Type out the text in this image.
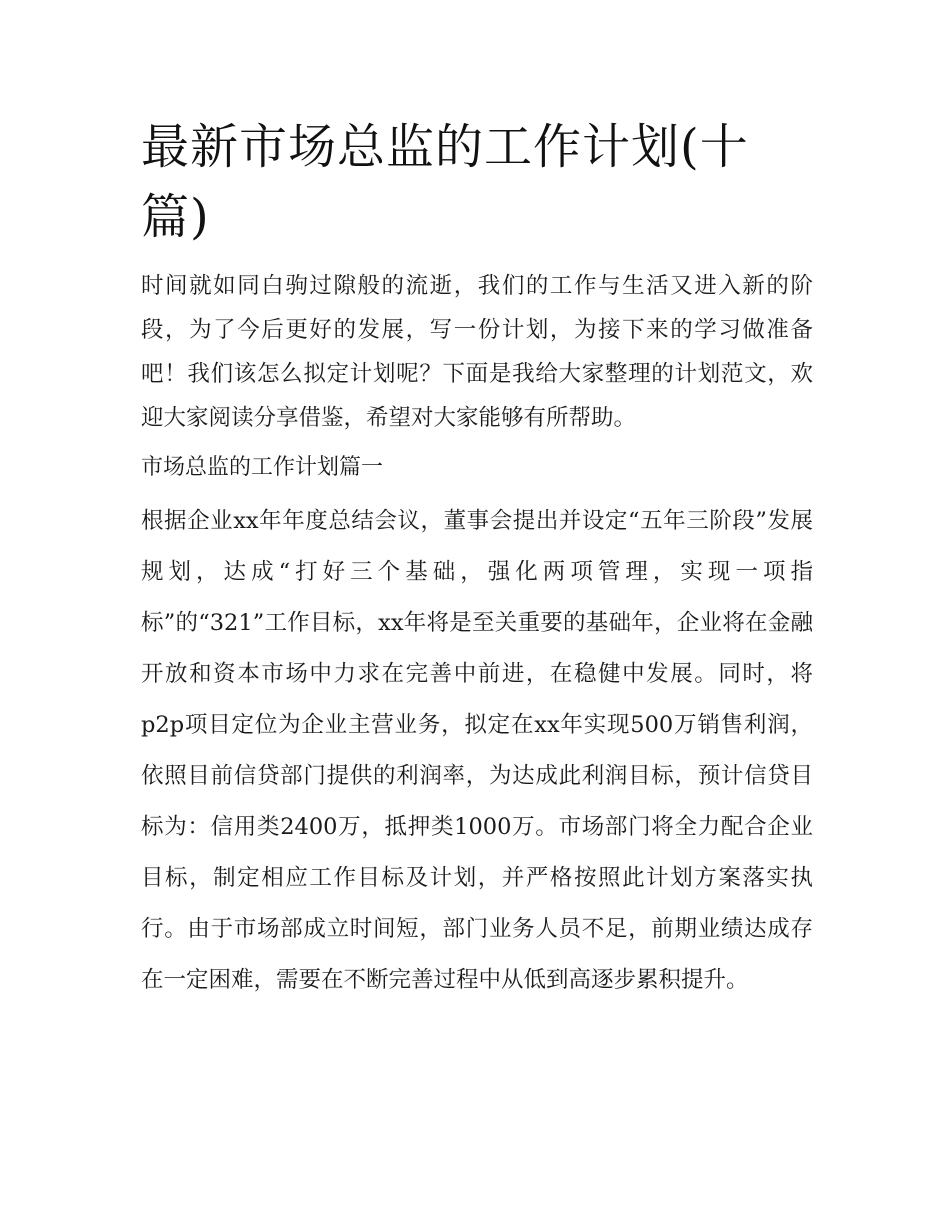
最新市场总监的工作计划(十篇)

时间就如同白驹过隙般的流逝，我们的工作与生活又进入新的阶段，为了今后更好的发展，写一份计划，为接下来的学习做准备吧！我们该怎么拟定计划呢？下面是我给大家整理的计划范文，欢迎大家阅读分享借鉴，希望对大家能够有所帮助。

市场总监的工作计划篇一

根据企业xx年年度总结会议，董事会提出并设定“五年三阶段”发展规划，达成“打好三个基础，强化两项管理，实现一项指标”的“321”工作目标，xx年将是至关重要的基础年，企业将在金融开放和资本市场中力求在完善中前进，在稳健中发展。同时，将p2p项目定位为企业主营业务，拟定在xx年实现500万销售利润，依照目前信贷部门提供的利润率，为达成此利润目标，预计信贷目标为：信用类2400万，抵押类1000万。市场部门将全力配合企业目标，制定相应工作目标及计划，并严格按照此计划方案落实执行。由于市场部成立时间短，部门业务人员不足，前期业绩达成存在一定困难，需要在不断完善过程中从低到高逐步累积提升。
